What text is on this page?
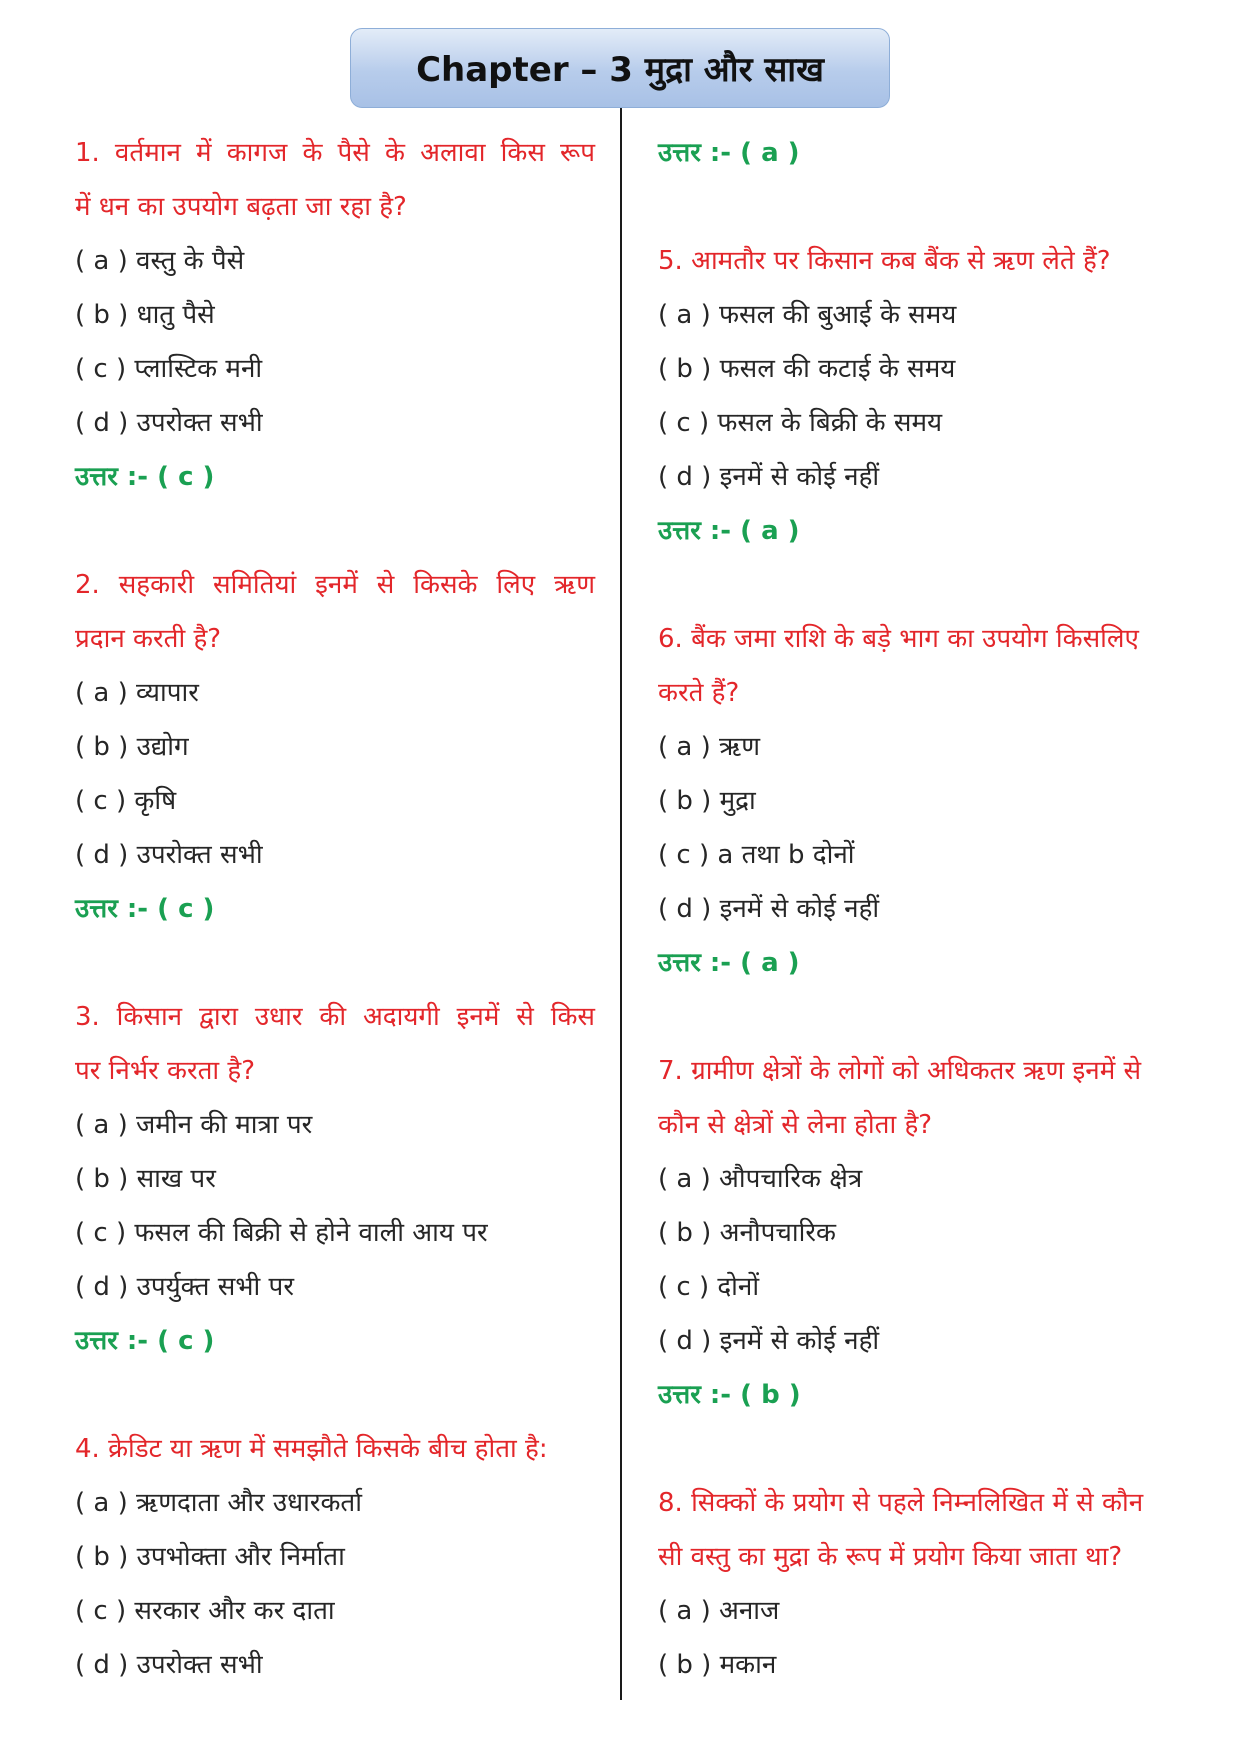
Chapter – 3 मुद्रा और साख
1. वर्तमान में कागज के पैसे के अलावा किस रूप
में धन का उपयोग बढ़ता जा रहा है?
( a ) वस्तु के पैसे
( b ) धातु पैसे
( c ) प्लास्टिक मनी
( d ) उपरोक्त सभी
उत्तर :- ( c )
2. सहकारी समितियां इनमें से किसके लिए ऋण
प्रदान करती है?
( a ) व्यापार
( b ) उद्योग
( c ) कृषि
( d ) उपरोक्त सभी
उत्तर :- ( c )
3. किसान द्वारा उधार की अदायगी इनमें से किस
पर निर्भर करता है?
( a ) जमीन की मात्रा पर
( b ) साख पर
( c ) फसल की बिक्री से होने वाली आय पर
( d ) उपर्युक्त सभी पर
उत्तर :- ( c )
4. क्रेडिट या ऋण में समझौते किसके बीच होता है:
( a ) ऋणदाता और उधारकर्ता
( b ) उपभोक्ता और निर्माता
( c ) सरकार और कर दाता
( d ) उपरोक्त सभी
उत्तर :- ( a )
5. आमतौर पर किसान कब बैंक से ऋण लेते हैं?
( a ) फसल की बुआई के समय
( b ) फसल की कटाई के समय
( c ) फसल के बिक्री के समय
( d ) इनमें से कोई नहीं
उत्तर :- ( a )
6. बैंक जमा राशि के बड़े भाग का उपयोग किसलिए
करते हैं?
( a ) ऋण
( b ) मुद्रा
( c ) a तथा b दोनों
( d ) इनमें से कोई नहीं
उत्तर :- ( a )
7. ग्रामीण क्षेत्रों के लोगों को अधिकतर ऋण इनमें से
कौन से क्षेत्रों से लेना होता है?
( a ) औपचारिक क्षेत्र
( b ) अनौपचारिक
( c ) दोनों
( d ) इनमें से कोई नहीं
उत्तर :- ( b )
8. सिक्कों के प्रयोग से पहले निम्नलिखित में से कौन
सी वस्तु का मुद्रा के रूप में प्रयोग किया जाता था?
( a ) अनाज
( b ) मकान
